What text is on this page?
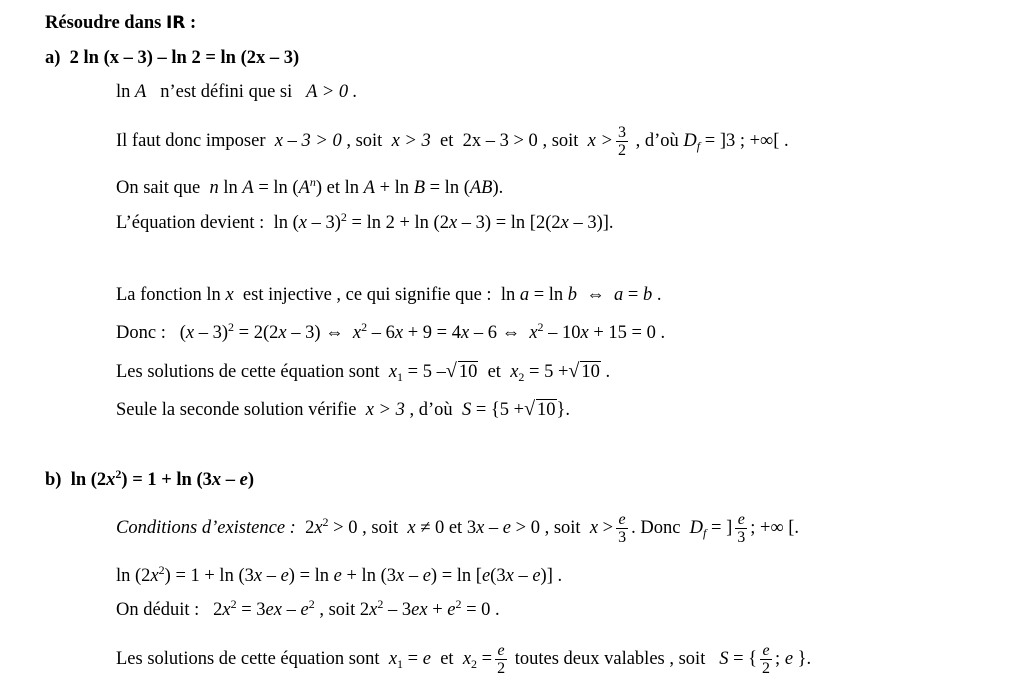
Résoudre dans IR :
a) 2 ln (x – 3) – ln 2 = ln (2x – 3)
ln A n’est défini que si A > 0 .
Il faut donc imposer x – 3 > 0 , soit x > 3 et 2x – 3 > 0 , soit $x > \frac{3}{2}$ , d’où $D_f = ]3$ ; +∞[ .
On sait que n $\ln A = \ln (A^n)$ et ln A + ln B = ln (AB).
L’équation devient : ln (x – 3)$^2$ = ln 2 + ln (2x – 3) = ln [2(2x – 3)].
La fonction ln x est injective , ce qui signifie que : ln a = ln b ⇔ a = b .
Donc : (x – 3)$^2$ = 2(2x – 3) ⇔ $x^2 - 6x + 9 = 4x - 6$ ⇔ $x^2 - 10x + 15 = 0$ .
Les solutions de cette équation sont $x_1 = 5$ –√ 10 et $x_2 = 5$ +√ 10 .
Seule la seconde solution vérifie x > 3 , d’où S = {5 +√ 10}.
b) $\ln (2x^2) = 1 + \ln (3x - e)$
Conditions d’existence : $2x^2 > 0$ , soit x ≠ 0 et 3x – e > 0 , soit $x > \frac{e}{3}$ . Donc $D_f$ = ] $\frac{e}{3}$ ; +∞ [.
$\ln (2x^2) = 1 + \ln (3x - e) = \ln e + \ln (3x - e) = \ln [e(3x - e)]$ .
On déduit : $2x^2 = 3ex - e^2$ , soit $2x^2 - 3ex + e^2 = 0$ .
Les solutions de cette équation sont $x_1 = e$ et $x_2 = \frac{e}{2}$ toutes deux valables , soit S = { $\frac{e}{2}$ ; e }.
